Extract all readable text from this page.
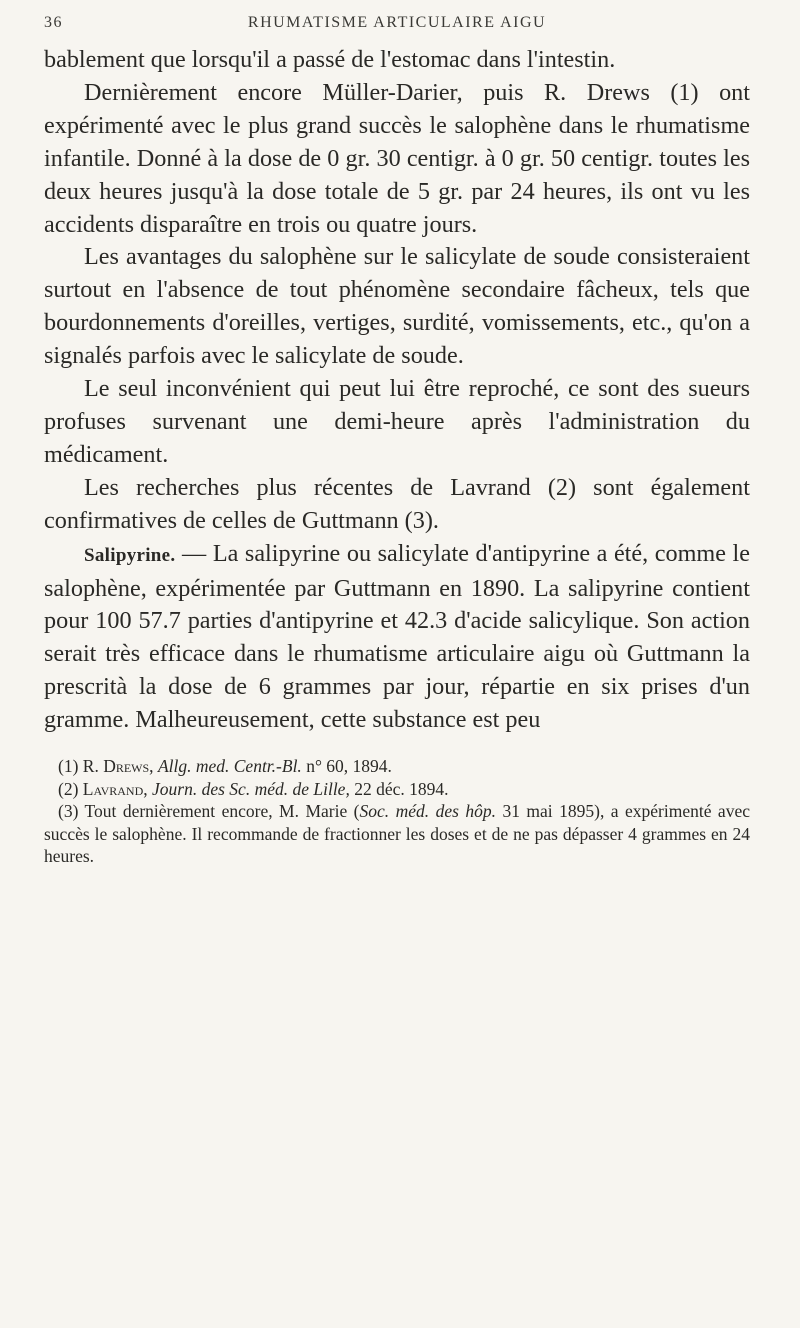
36	RHUMATISME ARTICULAIRE AIGU

bablement que lorsqu'il a passé de l'estomac dans l'intestin.

Dernièrement encore Müller-Darier, puis R. Drews (1) ont expérimenté avec le plus grand succès le salophène dans le rhumatisme infantile. Donné à la dose de 0 gr. 30 centigr. à 0 gr. 50 centigr. toutes les deux heures jusqu'à la dose totale de 5 gr. par 24 heures, ils ont vu les accidents disparaître en trois ou quatre jours.

Les avantages du salophène sur le salicylate de soude consisteraient surtout en l'absence de tout phénomène secondaire fâcheux, tels que bourdonnements d'oreilles, vertiges, surdité, vomissements, etc., qu'on a signalés parfois avec le salicylate de soude.

Le seul inconvénient qui peut lui être reproché, ce sont des sueurs profuses survenant une demi-heure après l'administration du médicament.

Les recherches plus récentes de Lavrand (2) sont également confirmatives de celles de Guttmann (3).

Salipyrine. — La salipyrine ou salicylate d'antipyrine a été, comme le salophène, expérimentée par Guttmann en 1890. La salipyrine contient pour 100 57.7 parties d'antipyrine et 42.3 d'acide salicylique. Son action serait très efficace dans le rhumatisme articulaire aigu où Guttmann la prescrità la dose de 6 grammes par jour, répartie en six prises d'un gramme. Malheureusement, cette substance est peu

(1) R. Drews, Allg. med. Centr.-Bl. n° 60, 1894.

(2) Lavrand, Journ. des Sc. méd. de Lille, 22 déc. 1894.

(3) Tout dernièrement encore, M. Marie (Soc. méd. des hôp. 31 mai 1895), a expérimenté avec succès le salophène. Il recommande de fractionner les doses et de ne pas dépasser 4 grammes en 24 heures.
